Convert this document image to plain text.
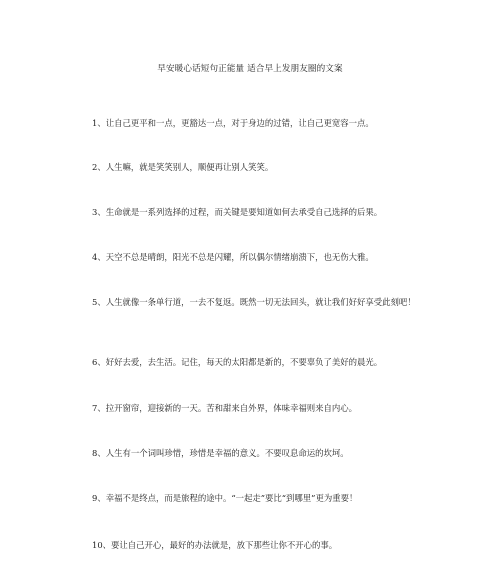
早安暖心话短句正能量 适合早上发朋友圈的文案
1、让自己更平和一点，更豁达一点，对于身边的过错，让自己更宽容一点。
2、人生嘛，就是笑笑别人，顺便再让别人笑笑。
3、生命就是一系列选择的过程，而关键是要知道如何去承受自己选择的后果。
4、天空不总是晴朗，阳光不总是闪耀，所以偶尔情绪崩溃下，也无伤大雅。
5、人生就像一条单行道，一去不复返。既然一切无法回头，就让我们好好享受此刻吧！
6、好好去爱，去生活。记住，每天的太阳都是新的，不要辜负了美好的晨光。
7、拉开窗帘，迎接新的一天。苦和甜来自外界，体味幸福则来自内心。
8、人生有一个词叫珍惜，珍惜是幸福的意义。不要叹息命运的坎坷。
9、幸福不是终点，而是旅程的途中。“一起走”要比“到哪里”更为重要！
10、要让自己开心，最好的办法就是，放下那些让你不开心的事。
